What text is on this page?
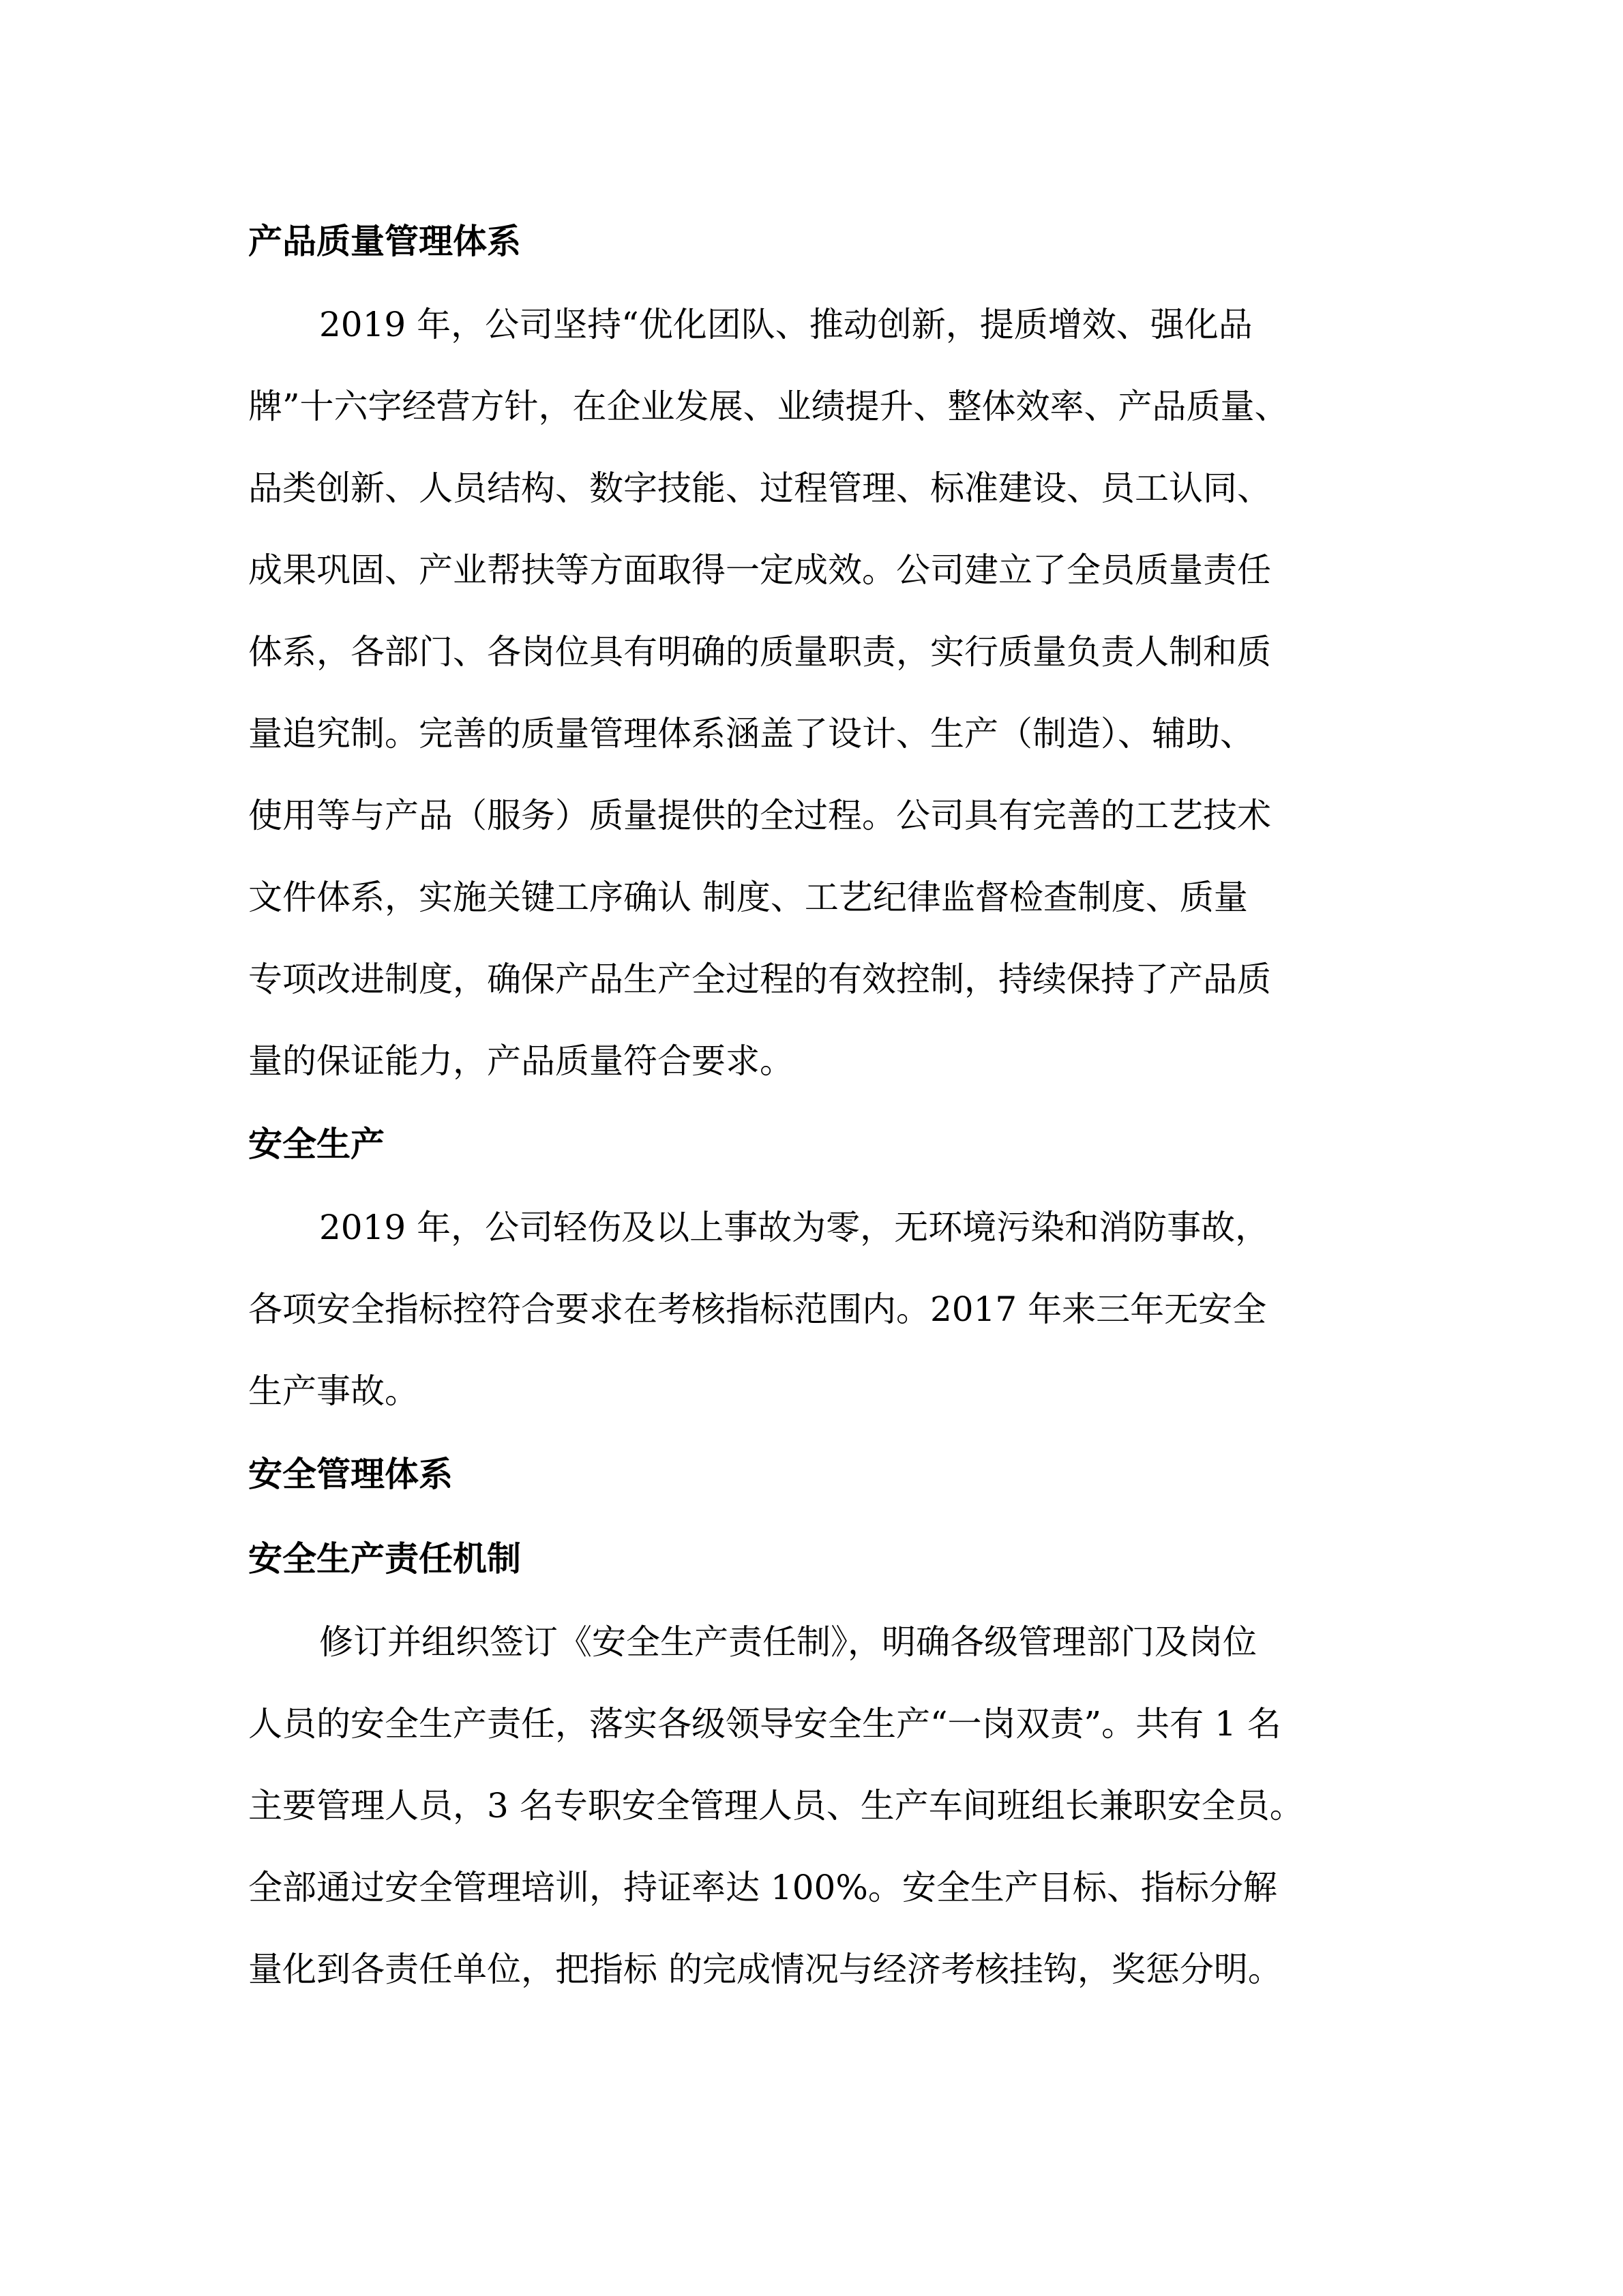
产品质量管理体系
2019 年，公司坚持“优化团队、推动创新，提质增效、强化品
牌”十六字经营方针，在企业发展、业绩提升、整体效率、产品质量、
品类创新、人员结构、数字技能、过程管理、标准建设、员工认同、
成果巩固、产业帮扶等方面取得一定成效。公司建立了全员质量责任
体系，各部门、各岗位具有明确的质量职责，实行质量负责人制和质
量追究制。完善的质量管理体系涵盖了设计、生产（制造）、辅助、
使用等与产品（服务）质量提供的全过程。公司具有完善的工艺技术
文件体系，实施关键工序确认 制度、工艺纪律监督检查制度、质量
专项改进制度，确保产品生产全过程的有效控制，持续保持了产品质
量的保证能力，产品质量符合要求。
安全生产
2019 年，公司轻伤及以上事故为零，无环境污染和消防事故，
各项安全指标控符合要求在考核指标范围内。2017 年来三年无安全
生产事故。
安全管理体系
安全生产责任机制
修订并组织签订《安全生产责任制》，明确各级管理部门及岗位
人员的安全生产责任，落实各级领导安全生产“一岗双责”。共有 1 名
主要管理人员，3 名专职安全管理人员、生产车间班组长兼职安全员。
全部通过安全管理培训，持证率达 100%。安全生产目标、指标分解
量化到各责任单位，把指标 的完成情况与经济考核挂钩，奖惩分明。
